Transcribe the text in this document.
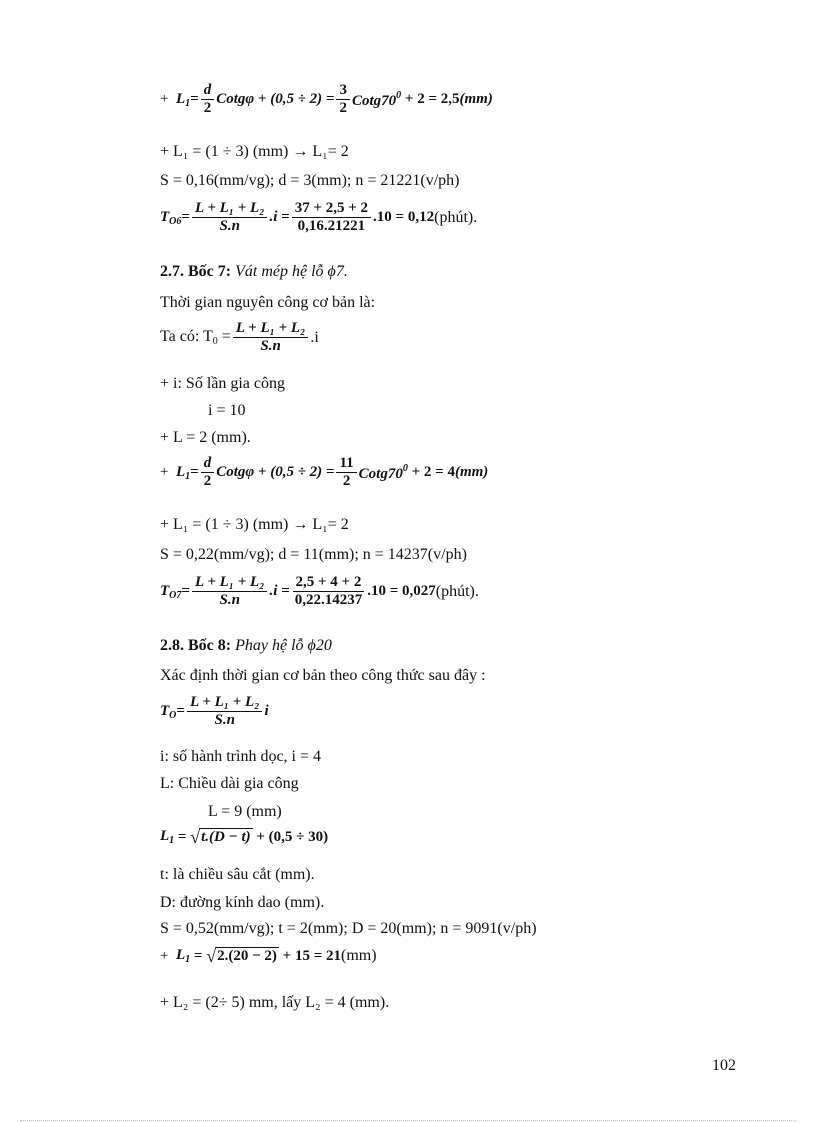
+
$L_1 = \frac{d}{2}$ Cotgφ + $(0,5 \div 2) = \frac{3}{2}$ $Cotg70^0$
+ 2 = 2,5 (mm)
+ L₁ = (1 ÷ 3) (mm) → L₁= 2
S = 0,16(mm/vg); d = 3(mm); n = 21221(v/ph)
$T_{O6} = \frac{\text{L + L₁ + L₂}}{S.n} .i = \frac{37 + 2,5 + 2}{0,16.21221} .10 = 0,12$ (phút).
2.7. Bốc 7: Vát mép hệ lỗ ϕ7.
Thời gian nguyên công cơ bản là:
Ta có: $T_0 = \frac{\text{L + L₁ + L₂}}{S.n} .i$
+ i: Số lần gia công
i = 10
+ L = 2 (mm).
+
$L_1 = \frac{d}{2}$ Cotgφ + $(0,5 \div 2) = \frac{11}{2}$ $Cotg70^0$
+ 2 = 4 (mm)
+ L₁ = (1 ÷ 3) (mm) → L₁= 2
S = 0,22(mm/vg); d = 11(mm); n = 14237(v/ph)
$T_{O7} = \frac{\text{L + L₁ + L₂}}{S.n} .i = \frac{2,5 + 4 + 2}{0,22.14237} .10 = 0,027$ (phút).
2.8. Bốc 8: Phay hệ lỗ ϕ20
Xác định thời gian cơ bản theo công thức sau đây :
$T_O = \frac{\text{L + L₁ + L₂}}{S.n}$ i
i: số hành trình dọc, i = 4
L: Chiều dài gia công
L = 9 (mm)
$L_1$
=
√ t.(D − t)
+ (0,5 ÷ 30)
t: là chiều sâu cắt (mm).
D: đường kính dao (mm).
S = 0,52(mm/vg); t = 2(mm); D = 20(mm); n = 9091(v/ph)
+
$L_1$
=
√ 2.(20 − 2)
+ 15 = 21 (mm)
+ L₂ = (2÷ 5) mm, lấy L₂ = 4 (mm).
102
